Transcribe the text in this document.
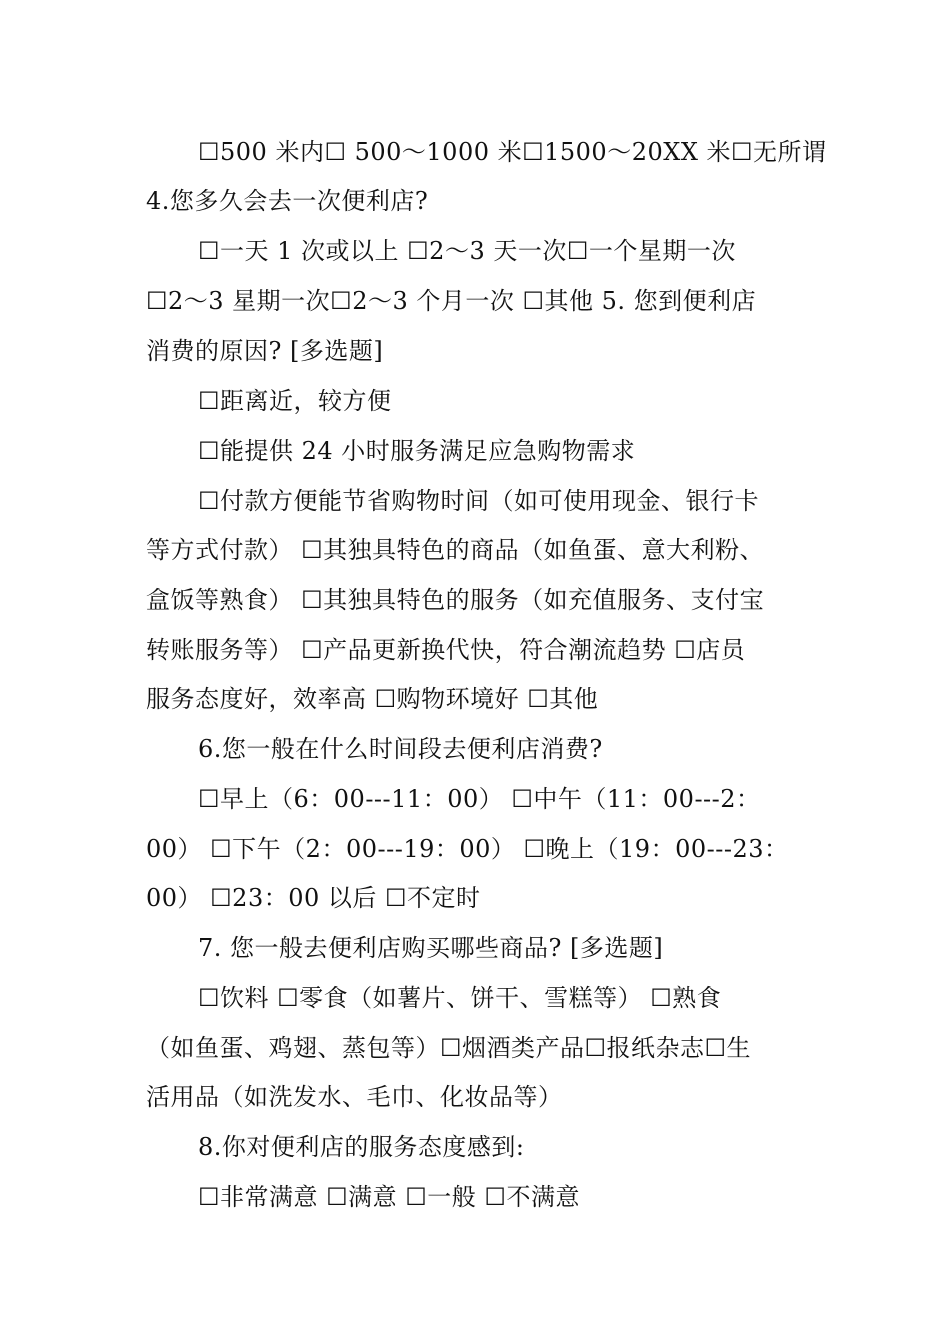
☐500 米内☐ 500～1000 米☐1500～20XX 米☐无所谓
4.您多久会去一次便利店?
☐一天 1 次或以上 ☐2～3 天一次☐一个星期一次
☐2～3 星期一次☐2～3 个月一次 ☐其他 5. 您到便利店
消费的原因? [多选题]
☐距离近，较方便
☐能提供 24 小时服务满足应急购物需求
☐付款方便能节省购物时间（如可使用现金、银行卡
等方式付款） ☐其独具特色的商品（如鱼蛋、意大利粉、
盒饭等熟食） ☐其独具特色的服务（如充值服务、支付宝
转账服务等） ☐产品更新换代快，符合潮流趋势 ☐店员
服务态度好，效率高 ☐购物环境好 ☐其他
6.您一般在什么时间段去便利店消费?
☐早上（6：00---11：00） ☐中午（11：00---2：
00） ☐下午（2：00---19：00） ☐晚上（19：00---23：
00） ☐23：00 以后 ☐不定时
7. 您一般去便利店购买哪些商品? [多选题]
☐饮料 ☐零食（如薯片、饼干、雪糕等） ☐熟食
（如鱼蛋、鸡翅、蒸包等）☐烟酒类产品☐报纸杂志☐生
活用品（如洗发水、毛巾、化妆品等）
8.你对便利店的服务态度感到:
☐非常满意 ☐满意 ☐一般 ☐不满意
